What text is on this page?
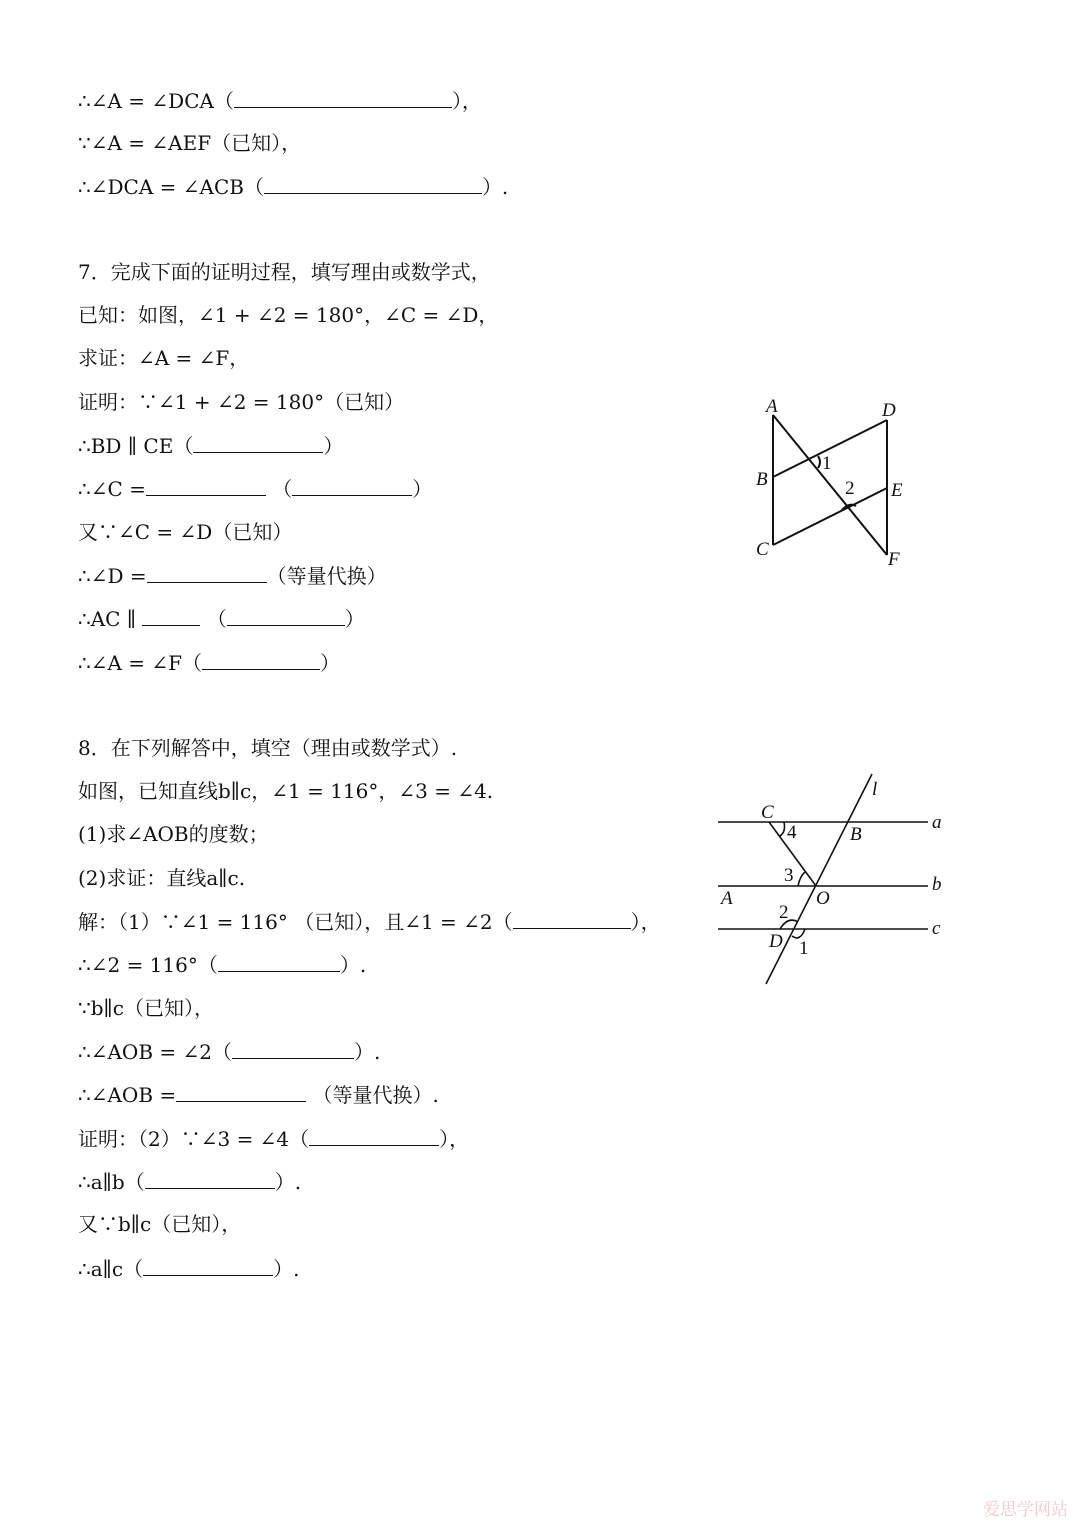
∴∠A = ∠DCA（	），
∵∠A = ∠AEF（已知），
∴∠DCA = ∠ACB（	）.
7．完成下面的证明过程，填写理由或数学式，
已知：如图，∠1 + ∠2 = 180°，∠C = ∠D，
求证：∠A = ∠F，
证明：∵∠1 + ∠2 = 180°（已知）
∴BD ∥ CE（	）
∴∠C =	（	）
又∵∠C = ∠D（已知）
∴∠D =	（等量代换）
∴AC ∥	（	）
∴∠A = ∠F（	）
8．在下列解答中，填空（理由或数学式）.
如图，已知直线b∥c，∠1 = 116°，∠3 = ∠4.
(1)求∠AOB的度数；
(2)求证：直线a∥c.
解：（1）∵∠1 = 116° （已知），且∠1 = ∠2（	），
∴∠2 = 116°（	）.
∵b∥c（已知），
∴∠AOB = ∠2（	）.
∴∠AOB =	（等量代换）.
证明：（2）∵∠3 = ∠4（	），
∴a∥b（	）.
又∵b∥c（已知），
∴a∥c（	）.
A
B
C
D
E
F
1
2
l
C
4	B
a
3	b
A	O
2
c
D 1
爱思学网站
